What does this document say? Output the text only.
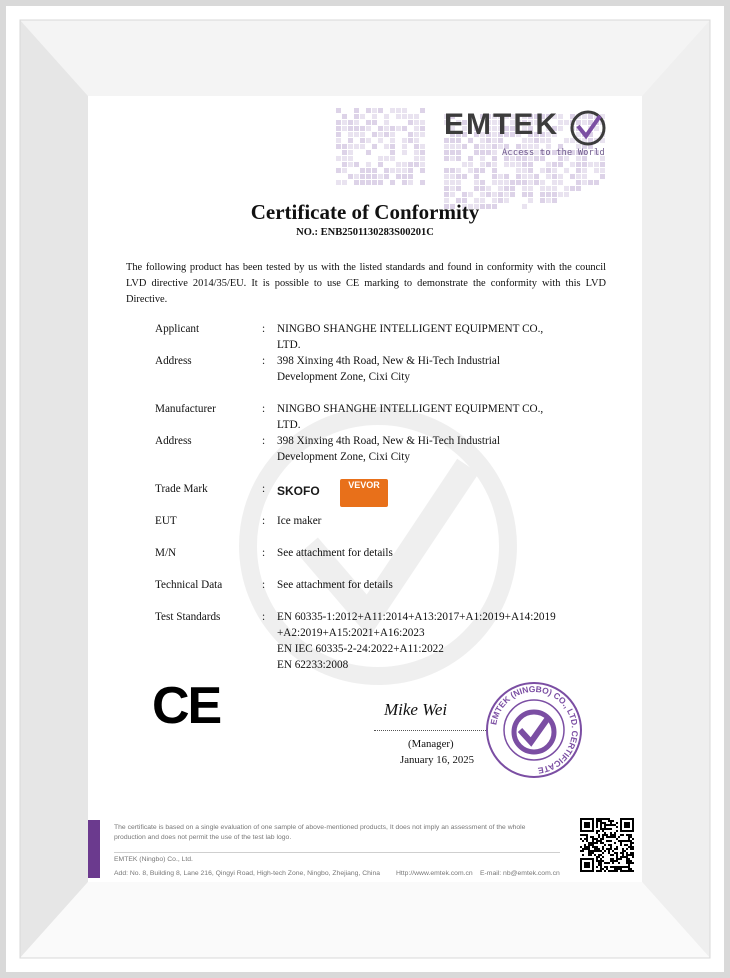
EMTEK
Access to the World
Certificate of Conformity
NO.: ENB2501130283S00201C
The following product has been tested by us with the listed standards and found in conformity with the council LVD directive 2014/35/EU. It is possible to use CE marking to demonstrate the conformity with this LVD Directive.
Applicant	: NINGBO SHANGHE INTELLIGENT EQUIPMENT CO.,
LTD.
Address	: 398 Xinxing 4th Road, New & Hi-Tech Industrial
Development Zone, Cixi City
Manufacturer	: NINGBO SHANGHE INTELLIGENT EQUIPMENT CO.,
LTD.
Address	: 398 Xinxing 4th Road, New & Hi-Tech Industrial
Development Zone, Cixi City
Trade Mark	: SKOFO	VEVOR
EUT	: Ice maker
M/N	: See attachment for details
Technical Data	: See attachment for details
Test Standards	: EN 60335-1:2012+A11:2014+A13:2017+A1:2019+A14:2019
+A2:2019+A15:2021+A16:2023
EN IEC 60335-2-24:2022+A11:2022
EN 62233:2008
CE	Mike Wei
(Manager)
January 16, 2025
EMTEK (NINGBO) CO., LTD. CERTIFICATE
The certificate is based on a single evaluation of one sample of above-mentioned products, It does not imply an assessment of the whole
production and does not permit the use of the test lab logo.
EMTEK (Ningbo) Co., Ltd.
Add: No. 8, Building 8, Lane 216, Qingyi Road, High-tech Zone, Ningbo, Zhejiang, China Http://www.emtek.com.cn E-mail: nb@emtek.com.cn
